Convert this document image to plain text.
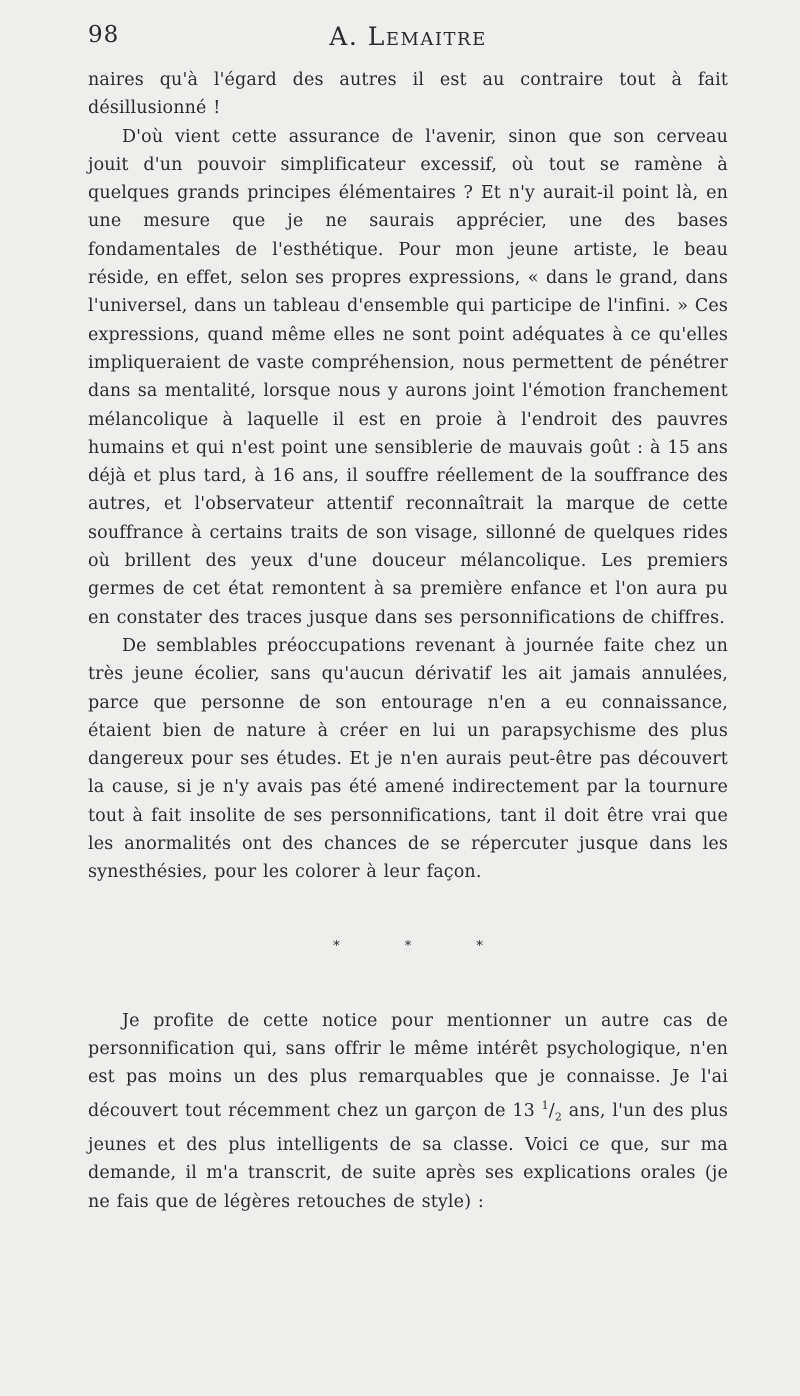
98	A. Lemaitre

naires qu'à l'égard des autres il est au contraire tout à fait désillusionné !

D'où vient cette assurance de l'avenir, sinon que son cerveau jouit d'un pouvoir simplificateur excessif, où tout se ramène à quelques grands principes élémentaires ? Et n'y aurait-il point là, en une mesure que je ne saurais apprécier, une des bases fondamentales de l'esthétique. Pour mon jeune artiste, le beau réside, en effet, selon ses propres expressions, « dans le grand, dans l'universel, dans un tableau d'ensemble qui participe de l'infini. » Ces expressions, quand même elles ne sont point adéquates à ce qu'elles impliqueraient de vaste compréhension, nous permettent de pénétrer dans sa mentalité, lorsque nous y aurons joint l'émotion franchement mélancolique à laquelle il est en proie à l'endroit des pauvres humains et qui n'est point une sensiblerie de mauvais goût : à 15 ans déjà et plus tard, à 16 ans, il souffre réellement de la souffrance des autres, et l'observateur attentif reconnaîtrait la marque de cette souffrance à certains traits de son visage, sillonné de quelques rides où brillent des yeux d'une douceur mélancolique. Les premiers germes de cet état remontent à sa première enfance et l'on aura pu en constater des traces jusque dans ses personnifications de chiffres.

De semblables préoccupations revenant à journée faite chez un très jeune écolier, sans qu'aucun dérivatif les ait jamais annulées, parce que personne de son entourage n'en a eu connaissance, étaient bien de nature à créer en lui un parapsychisme des plus dangereux pour ses études. Et je n'en aurais peut-être pas découvert la cause, si je n'y avais pas été amené indirectement par la tournure tout à fait insolite de ses personnifications, tant il doit être vrai que les anormalités ont des chances de se répercuter jusque dans les synesthésies, pour les colorer à leur façon.

* * *

Je profite de cette notice pour mentionner un autre cas de personnification qui, sans offrir le même intérêt psychologique, n'en est pas moins un des plus remarquables que je connaisse. Je l'ai découvert tout récemment chez un garçon de 13 $^1/_2$ ans, l'un des plus jeunes et des plus intelligents de sa classe. Voici ce que, sur ma demande, il m'a transcrit, de suite après ses explications orales (je ne fais que de légères retouches de style) :
